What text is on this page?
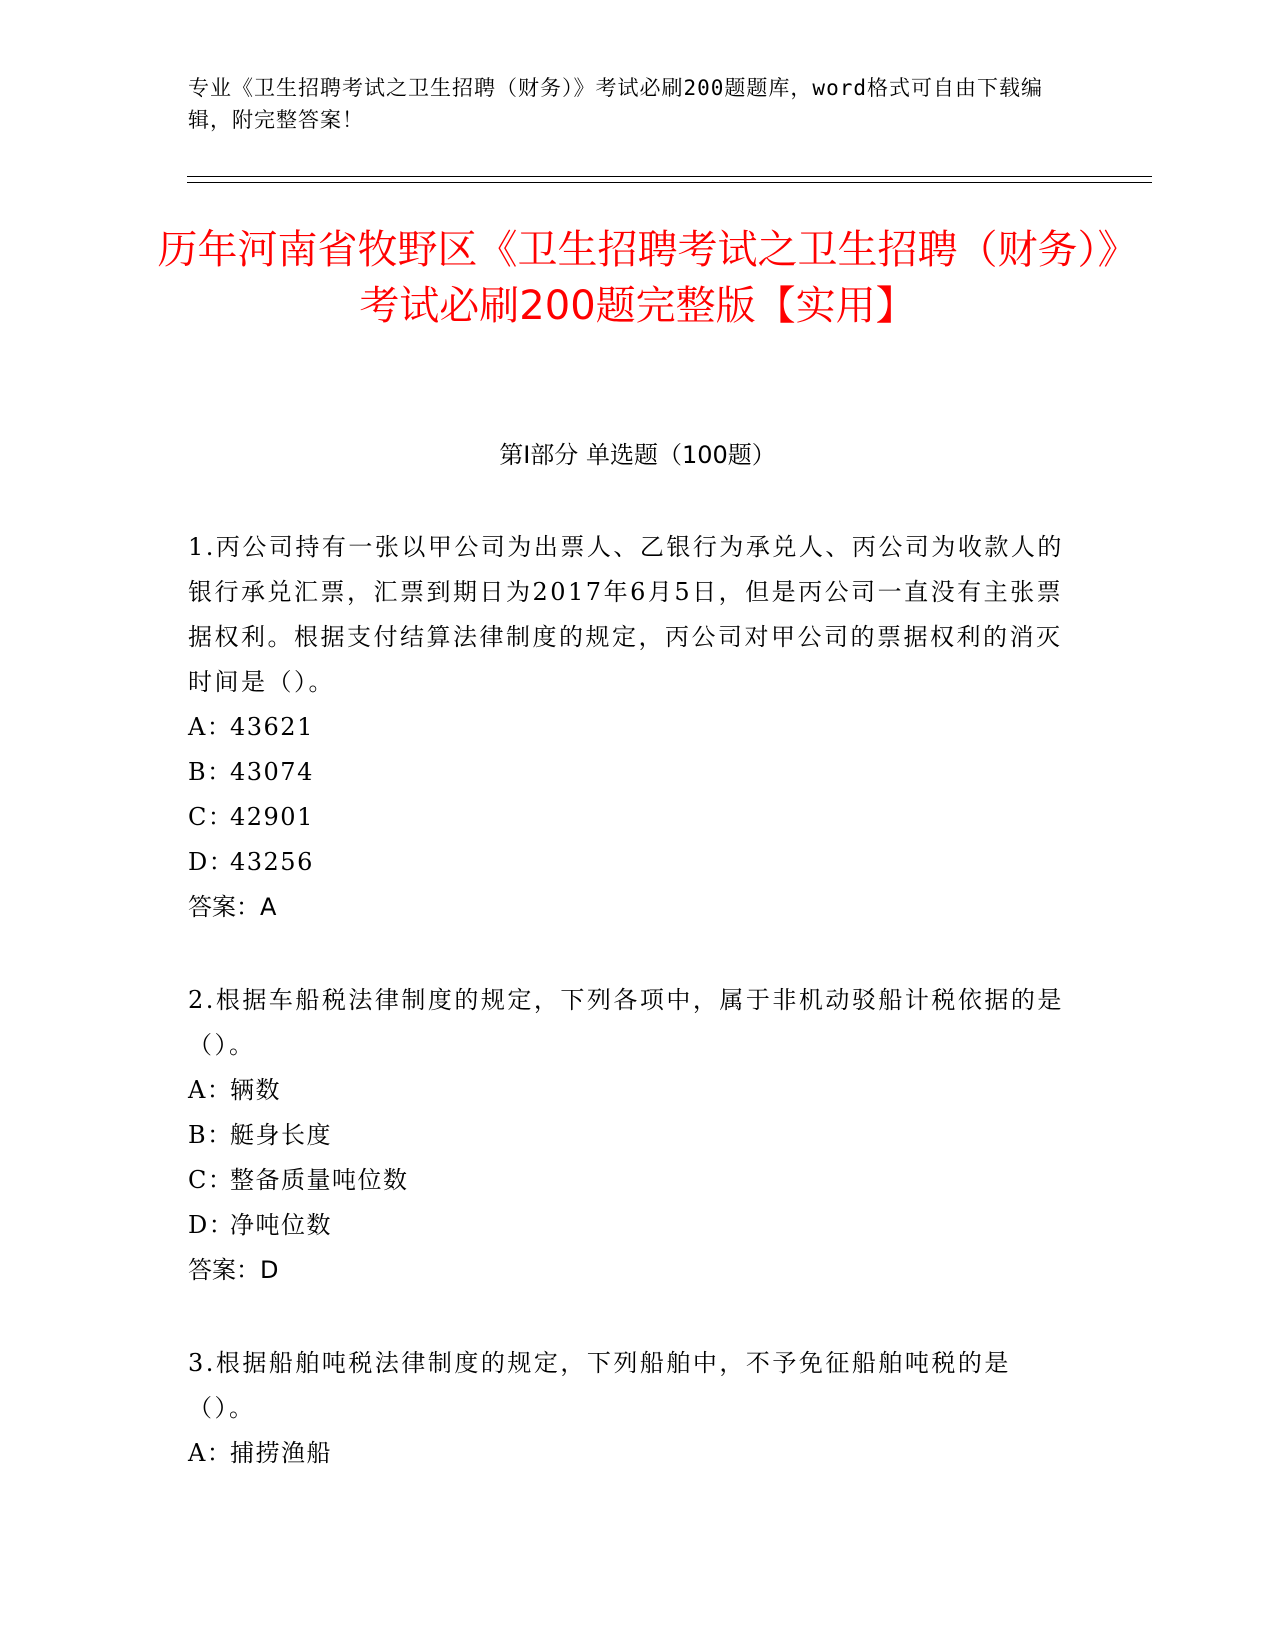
专业《卫生招聘考试之卫生招聘（财务）》考试必刷200题题库，word格式可自由下载编辑，附完整答案！

历年河南省牧野区《卫生招聘考试之卫生招聘（财务）》考试必刷200题完整版【实用】
第I部分 单选题（100题）

1.丙公司持有一张以甲公司为出票人、乙银行为承兑人、丙公司为收款人的银行承兑汇票，汇票到期日为2017年6月5日，但是丙公司一直没有主张票据权利。根据支付结算法律制度的规定，丙公司对甲公司的票据权利的消灭时间是（）。

A：43621

B：43074

C：42901

D：43256

答案：A

2.根据车船税法律制度的规定，下列各项中，属于非机动驳船计税依据的是（）。

A：辆数

B：艇身长度

C：整备质量吨位数

D：净吨位数

答案：D

3.根据船舶吨税法律制度的规定，下列船舶中，不予免征船舶吨税的是（）。

A：捕捞渔船
